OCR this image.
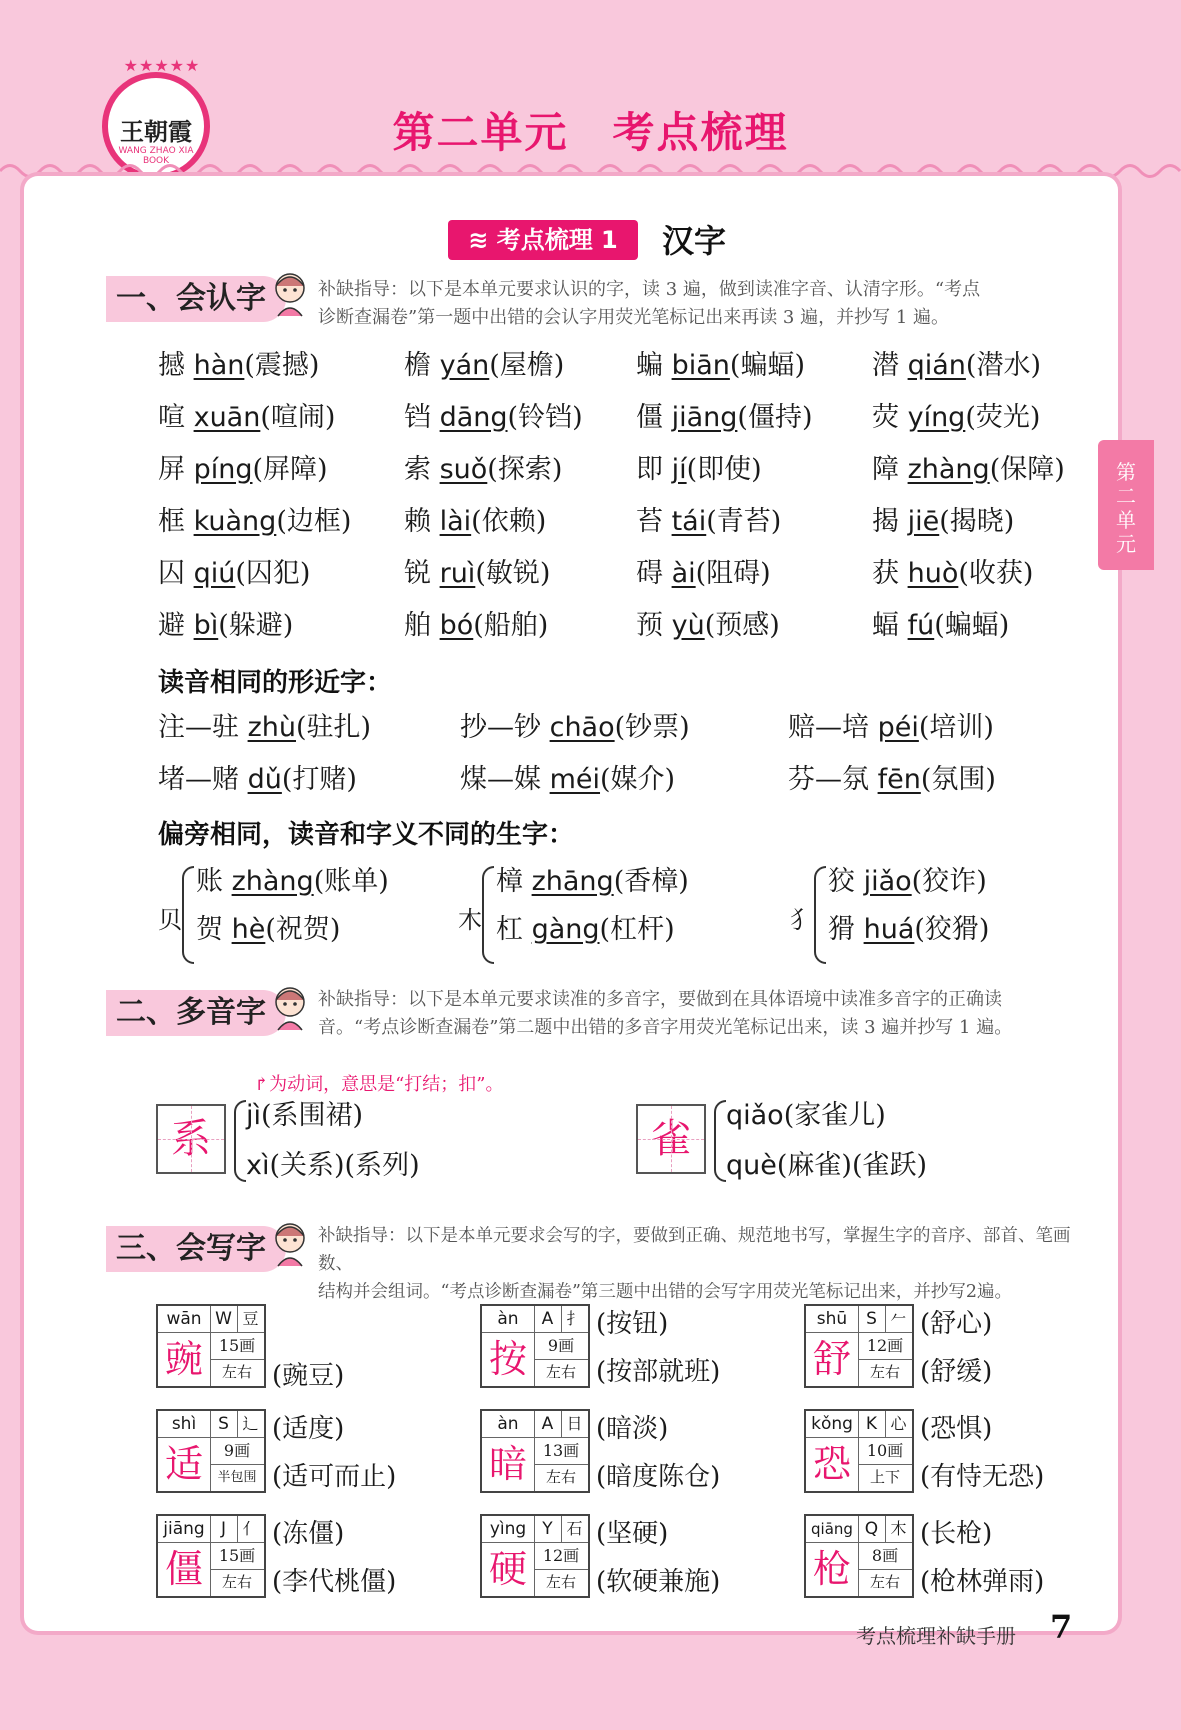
★★★★★
王朝霞
WANG ZHAO XIA BOOK
第二单元　考点梳理
第
二
单
元
≋ 考点梳理 1	汉字
一、会认字	补缺指导：以下是本单元要求认识的字，读 3 遍，做到读准字音、认清字形。“考点
诊断查漏卷”第一题中出错的会认字用荧光笔标记出来再读 3 遍，并抄写 1 遍。
撼 hàn(震撼)	檐 yán(屋檐)	蝙 biān(蝙蝠) 潜 qián(潜水)
喧 xuān(喧闹)	铛 dāng(铃铛) 僵 jiāng(僵持) 荧 yíng(荧光)
屏 píng(屏障)	索 suǒ(探索)	即 jí(即使)	障 zhàng(保障)
框 kuàng(边框) 赖 lài(依赖)	苔 tái(青苔)	揭 jiē(揭晓)
囚 qiú(囚犯)	锐 ruì(敏锐)	碍 ài(阻碍)	获 huò(收获)
避 bì(躲避)	舶 bó(船舶)	预 yù(预感)	蝠 fú(蝙蝠)
读音相同的形近字：
注—驻 zhù(驻扎)	抄—钞 chāo(钞票)	赔—培 péi(培训)
堵—赌 dǔ(打赌)	煤—媒 méi(媒介)	芬—氛 fēn(氛围)
偏旁相同，读音和字义不同的生字：
贝
账 zhàng(账单)
贺 hè(祝贺)	木
樟 zhāng(香樟)
杠 gàng(杠杆)	犭
狡 jiǎo(狡诈)
猾 huá(狡猾)
二、多音字	补缺指导：以下是本单元要求读准的多音字，要做到在具体语境中读准多音字的正确读
音。“考点诊断查漏卷”第二题中出错的多音字用荧光笔标记出来，读 3 遍并抄写 1 遍。
↱为动词，意思是“打结；扣”。
系
jì(系围裙)
xì(关系)(系列)
雀
qiǎo(家雀儿)
què(麻雀)(雀跃)
三、会写字	补缺指导：以下是本单元要求会写的字，要做到正确、规范地书写，掌握生字的音序、部首、笔画数、
结构并会组词。“考点诊断查漏卷”第三题中出错的会写字用荧光笔标记出来，并抄写2遍。
wān W 豆
豌 15画
左右 (豌豆)
àn	A 扌
按	9画
左右
(按钮)
(按部就班)
shū	S 𠂉
舒 12画
左右
(舒心)
(舒缓)
shì	S 辶
适	9画
半包围
(适度)
(适可而止)
àn	A 日
暗 13画
左右
(暗淡)
(暗度陈仓)
kǒng K 心
恐 10画
上下
(恐惧)
(有恃无恐)
jiāng J	亻
僵 15画
左右
(冻僵)
(李代桃僵)
yìng Y 石
硬 12画
左右
(坚硬)
(软硬兼施)
qiāng Q 木
枪	8画
左右
(长枪)
(枪林弹雨)
考点梳理补缺手册 7
